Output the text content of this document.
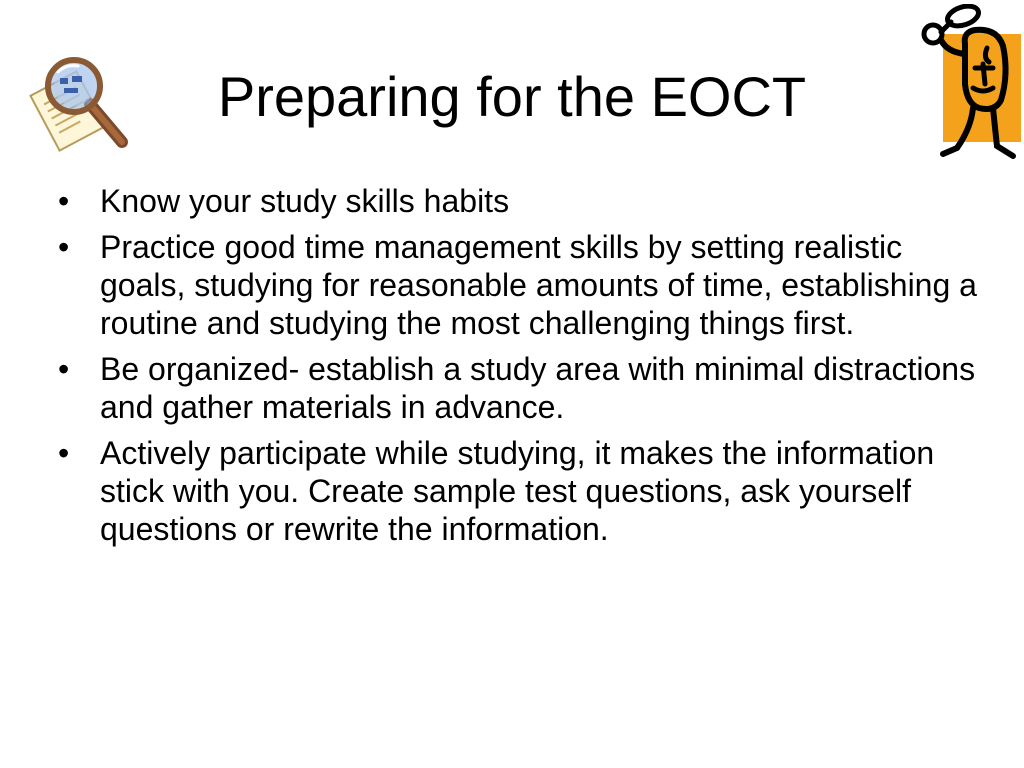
Preparing for the EOCT
• Know your study skills habits
• Practice good time management skills by setting realistic goals, studying for reasonable amounts of time, establishing a routine and studying the most challenging things first.
• Be organized- establish a study area with minimal distractions and gather materials in advance.
• Actively participate while studying, it makes the information stick with you. Create sample test questions, ask yourself questions or rewrite the information.
